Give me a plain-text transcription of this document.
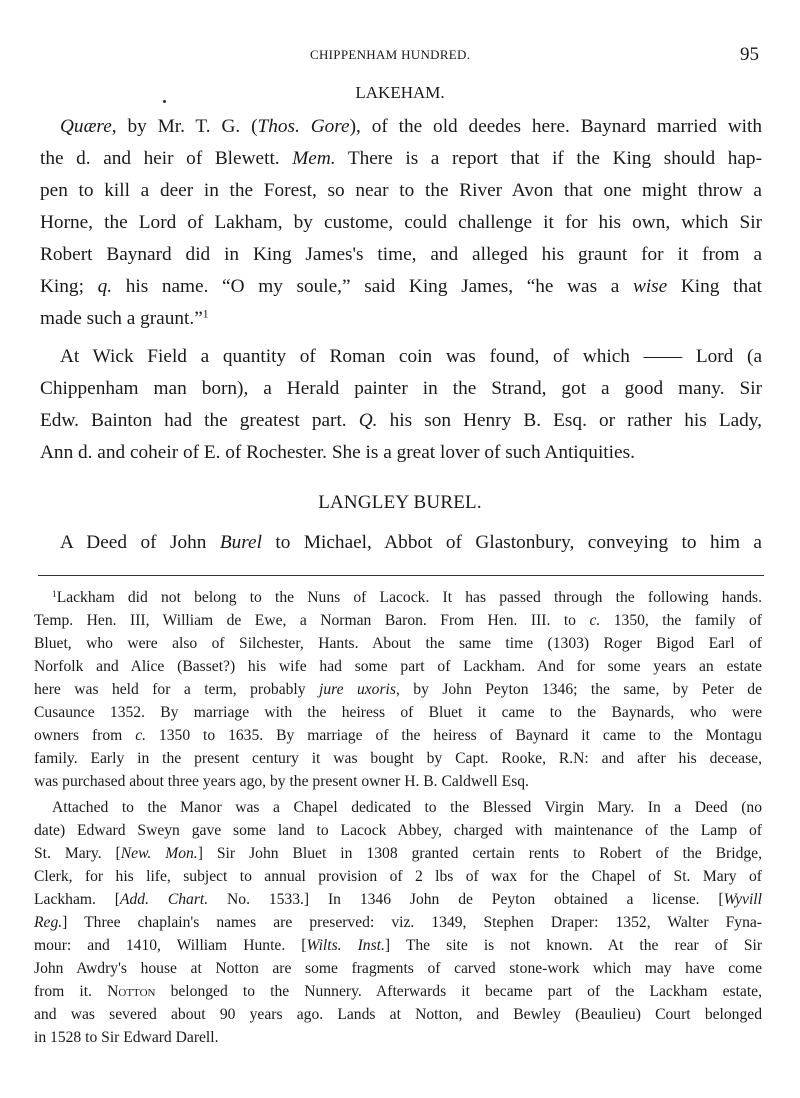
CHIPPENHAM HUNDRED.	95
LAKEHAM.
Quære, by Mr. T. G. (Thos. Gore), of the old deedes here. Baynard married with
the d. and heir of Blewett. Mem. There is a report that if the King should hap-
pen to kill a deer in the Forest, so near to the River Avon that one might throw a
Horne, the Lord of Lakham, by custome, could challenge it for his own, which Sir
Robert Baynard did in King James's time, and alleged his graunt for it from a
King; q. his name. “O my soule,” said King James, “he was a wise King that
made such a graunt.”$^1$
At Wick Field a quantity of Roman coin was found, of which —— Lord (a
Chippenham man born), a Herald painter in the Strand, got a good many. Sir
Edw. Bainton had the greatest part. Q. his son Henry B. Esq. or rather his Lady,
Ann d. and coheir of E. of Rochester. She is a great lover of such Antiquities.
LANGLEY BUREL.
A Deed of John Burel to Michael, Abbot of Glastonbury, conveying to him a
$^1$Lackham did not belong to the Nuns of Lacock. It has passed through the following hands.
Temp. Hen. III, William de Ewe, a Norman Baron. From Hen. III. to c. 1350, the family of
Bluet, who were also of Silchester, Hants. About the same time (1303) Roger Bigod Earl of
Norfolk and Alice (Basset?) his wife had some part of Lackham. And for some years an estate
here was held for a term, probably jure uxoris, by John Peyton 1346; the same, by Peter de
Cusaunce 1352. By marriage with the heiress of Bluet it came to the Baynards, who were
owners from c. 1350 to 1635. By marriage of the heiress of Baynard it came to the Montagu
family. Early in the present century it was bought by Capt. Rooke, R.N: and after his decease,
was purchased about three years ago, by the present owner H. B. Caldwell Esq.
Attached to the Manor was a Chapel dedicated to the Blessed Virgin Mary. In a Deed (no
date) Edward Sweyn gave some land to Lacock Abbey, charged with maintenance of the Lamp of
St. Mary. [New. Mon.] Sir John Bluet in 1308 granted certain rents to Robert of the Bridge,
Clerk, for his life, subject to annual provision of 2 lbs of wax for the Chapel of St. Mary of
Lackham. [Add. Chart. No. 1533.] In 1346 John de Peyton obtained a license. [Wyvill
Reg.] Three chaplain's names are preserved: viz. 1349, Stephen Draper: 1352, Walter Fyna-
mour: and 1410, William Hunte. [Wilts. Inst.] The site is not known. At the rear of Sir
John Awdry's house at Notton are some fragments of carved stone-work which may have come
from it. Notton belonged to the Nunnery. Afterwards it became part of the Lackham estate,
and was severed about 90 years ago. Lands at Notton, and Bewley (Beaulieu) Court belonged
in 1528 to Sir Edward Darell.
